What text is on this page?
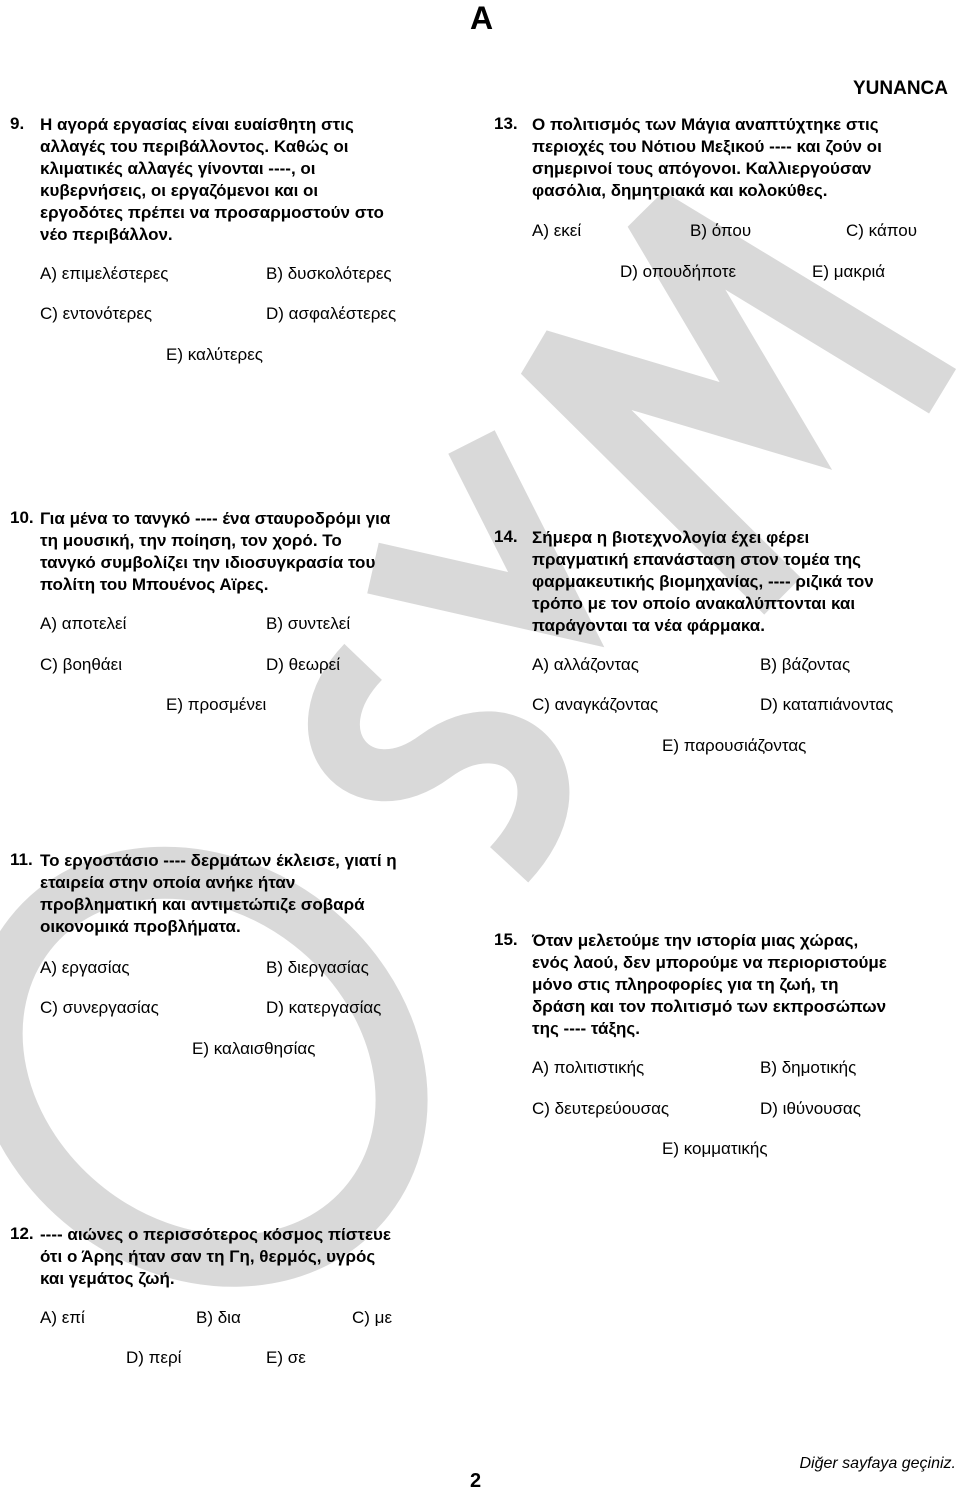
A
YUNANCA
9. Η αγορά εργασίας είναι ευαίσθητη στις
αλλαγές του περιβάλλοντος. Καθώς οι
κλιματικές αλλαγές γίνονται ----, οι
κυβερνήσεις, οι εργαζόμενοι και οι
εργοδότες πρέπει να προσαρμοστούν στο
νέο περιβάλλον.
A) επιμελέστερες	B) δυσκολότερες
C) εντονότερες	D) ασφαλέστερες
E) καλύτερες
10. Για μένα το τανγκό ---- ένα σταυροδρόμι για
τη μουσική, την ποίηση, τον χορό. Το
τανγκό συμβολίζει την ιδιοσυγκρασία του
πολίτη του Μπουένος Αϊρες.
A) αποτελεί	B) συντελεί
C) βοηθάει	D) θεωρεί
E) προσμένει
11. Το εργοστάσιο ---- δερμάτων έκλεισε, γιατί η
εταιρεία στην οποία ανήκε ήταν
προβληματική και αντιμετώπιζε σοβαρά
οικονομικά προβλήματα.
A) εργασίας	B) διεργασίας
C) συνεργασίας	D) κατεργασίας
E) καλαισθησίας
12. ---- αιώνες ο περισσότερος κόσμος πίστευε
ότι ο Άρης ήταν σαν τη Γη, θερμός, υγρός
και γεμάτος ζωή.
A) επί	B) δια	C) με
D) περί	E) σε
13. Ο πολιτισμός των Μάγια αναπτύχτηκε στις
περιοχές του Νότιου Μεξικού ---- και ζούν οι
σημερινοί τους απόγονοι. Καλλιεργούσαν
φασόλια, δημητριακά και κολοκύθες.
A) εκεί	B) όπου	C) κάπου
D) οπουδήποτε	E) μακριά
14. Σήμερα η βιοτεχνολογία έχει φέρει
πραγματική επανάσταση στον τομέα της
φαρμακευτικής βιομηχανίας, ---- ριζικά τον
τρόπο με τον οποίο ανακαλύπτονται και
παράγονται τα νέα φάρμακα.
A) αλλάζοντας	B) βάζοντας
C) αναγκάζοντας	D) καταπιάνοντας
E) παρουσιάζοντας
15. Όταν μελετούμε την ιστορία μιας χώρας,
ενός λαού, δεν μπορούμε να περιοριστούμε
μόνο στις πληροφορίες για τη ζωή, τη
δράση και τον πολιτισμό των εκπροσώπων
της ---- τάξης.
A) πολιτιστικής	B) δημοτικής
C) δευτερεύουσας	D) ιθύνουσας
E) κομματικής
Diğer sayfaya geçiniz.
2
